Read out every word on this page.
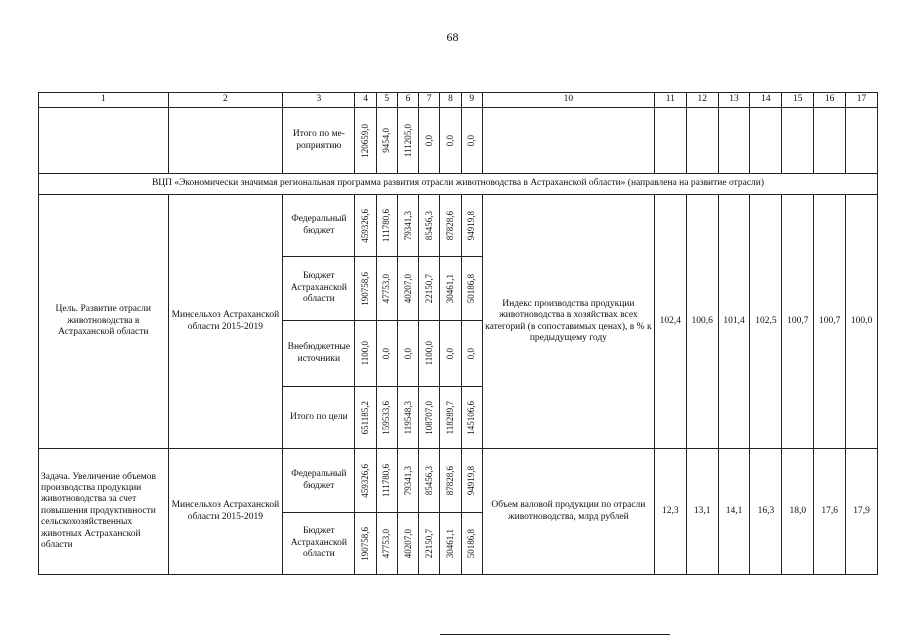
68
1	2	3	4	5	6	7	8	9	10	11	12	13	14	15	16	17
		Итого по ме-роприятию	120659,0	9454,0	111205,0	0,0	0,0	0,0								

ВЦП «Экономически значимая региональная программа развития отрасли животноводства в Астраханской области» (направлена на развитие отрасли)																
Цель. Развитие отрасли животноводства в Астраханской области	Минсельхоз Астраханской области 2015-2019	Федеральный бюджет	459326,6	111780,6	79341,3	85456,3	87828,6	94919,8	Индекс производства продукции животноводства в хозяйствах всех категорий (в сопоставимых ценах), в % к предыдущему году	102,4	100,6	101,4	102,5	100,7	100,7	100,0
		Бюджет Астраханской области	190758,6	47753,0	40207,0	22150,7	30461,1	50186,8								

		Внебюджетные источники	1100,0	0,0	0,0	1100,0	0,0	0,0								

		Итого по цели	651185,2	159533,6	119548,3	108707,0	118289,7	145106,6								

Задача. Увеличение объемов производства продукции животноводства за счет повышения продуктивности сельскохозяйственных животных Астраханской области	Минсельхоз Астраханской области 2015-2019	Федеральный бюджет	459326,6	111780,6	79341,3	85456,3	87828,6	94919,8	Объем валовой продукции по отрасли животноводства, млрд рублей	12,3	13,1	14,1	16,3	18,0	17,6	17,9
		Бюджет Астраханской области	190758,6	47753,0	40207,0	22150,7	30461,1	50186,8								
